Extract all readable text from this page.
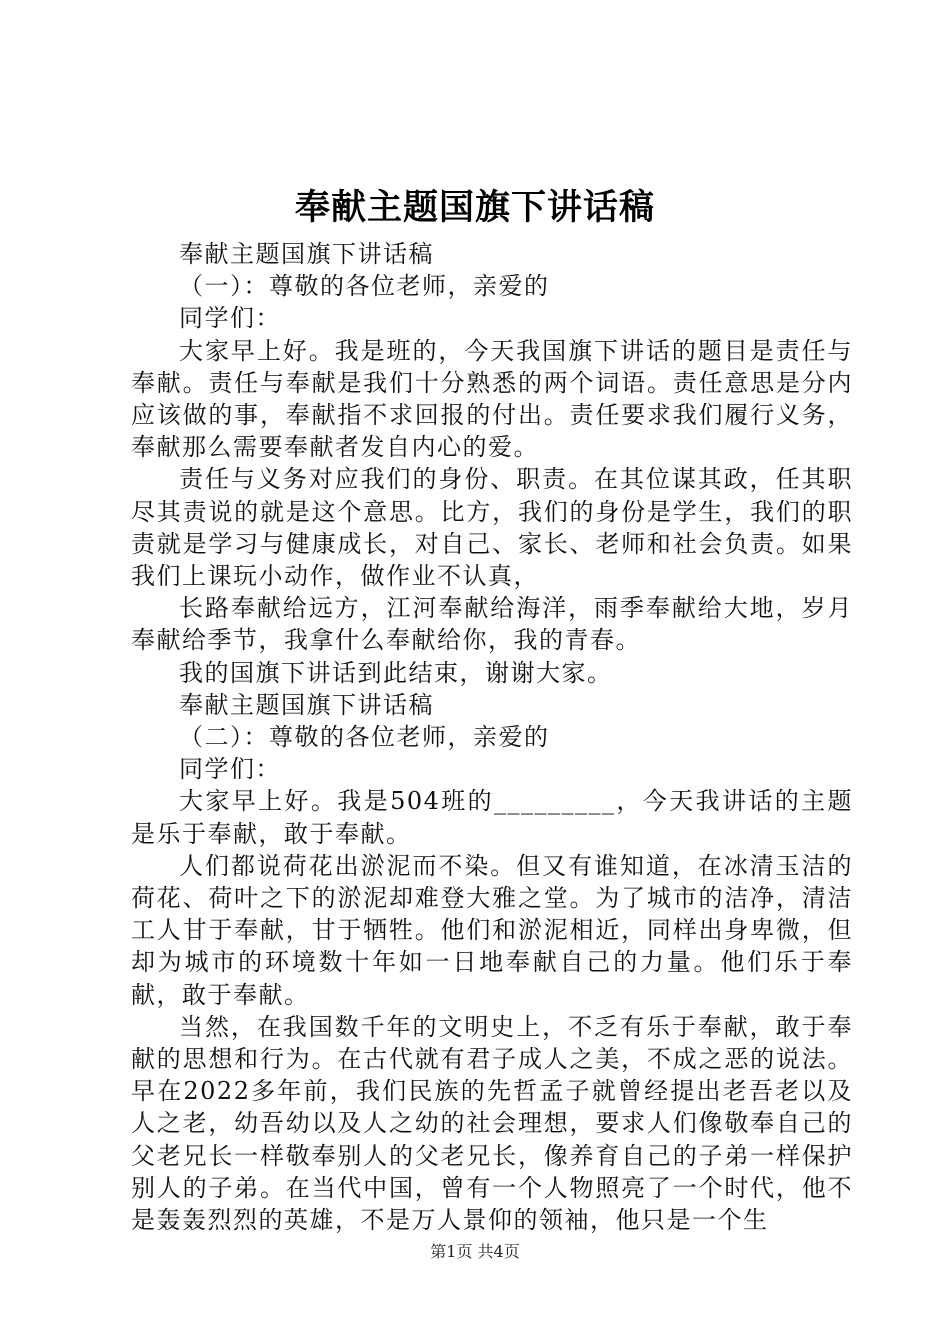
奉献主题国旗下讲话稿

奉献主题国旗下讲话稿

（一）：尊敬的各位老师，亲爱的

同学们：

大家早上好。我是班的，今天我国旗下讲话的题目是责任与奉献。责任与奉献是我们十分熟悉的两个词语。责任意思是分内应该做的事，奉献指不求回报的付出。责任要求我们履行义务，奉献那么需要奉献者发自内心的爱。

责任与义务对应我们的身份、职责。在其位谋其政，任其职尽其责说的就是这个意思。比方，我们的身份是学生，我们的职责就是学习与健康成长，对自己、家长、老师和社会负责。如果我们上课玩小动作，做作业不认真，

长路奉献给远方，江河奉献给海洋，雨季奉献给大地，岁月奉献给季节，我拿什么奉献给你，我的青春。

我的国旗下讲话到此结束，谢谢大家。

奉献主题国旗下讲话稿

（二）：尊敬的各位老师，亲爱的

同学们：

大家早上好。我是504班的_________，今天我讲话的主题是乐于奉献，敢于奉献。

人们都说荷花出淤泥而不染。但又有谁知道，在冰清玉洁的荷花、荷叶之下的淤泥却难登大雅之堂。为了城市的洁净，清洁工人甘于奉献，甘于牺牲。他们和淤泥相近，同样出身卑微，但却为城市的环境数十年如一日地奉献自己的力量。他们乐于奉献，敢于奉献。

当然，在我国数千年的文明史上，不乏有乐于奉献，敢于奉献的思想和行为。在古代就有君子成人之美，不成之恶的说法。早在2022多年前，我们民族的先哲孟子就曾经提出老吾老以及人之老，幼吾幼以及人之幼的社会理想，要求人们像敬奉自己的父老兄长一样敬奉别人的父老兄长，像养育自己的子弟一样保护别人的子弟。在当代中国，曾有一个人物照亮了一个时代，他不是轰轰烈烈的英雄，不是万人景仰的领袖，他只是一个生

第1页 共4页
